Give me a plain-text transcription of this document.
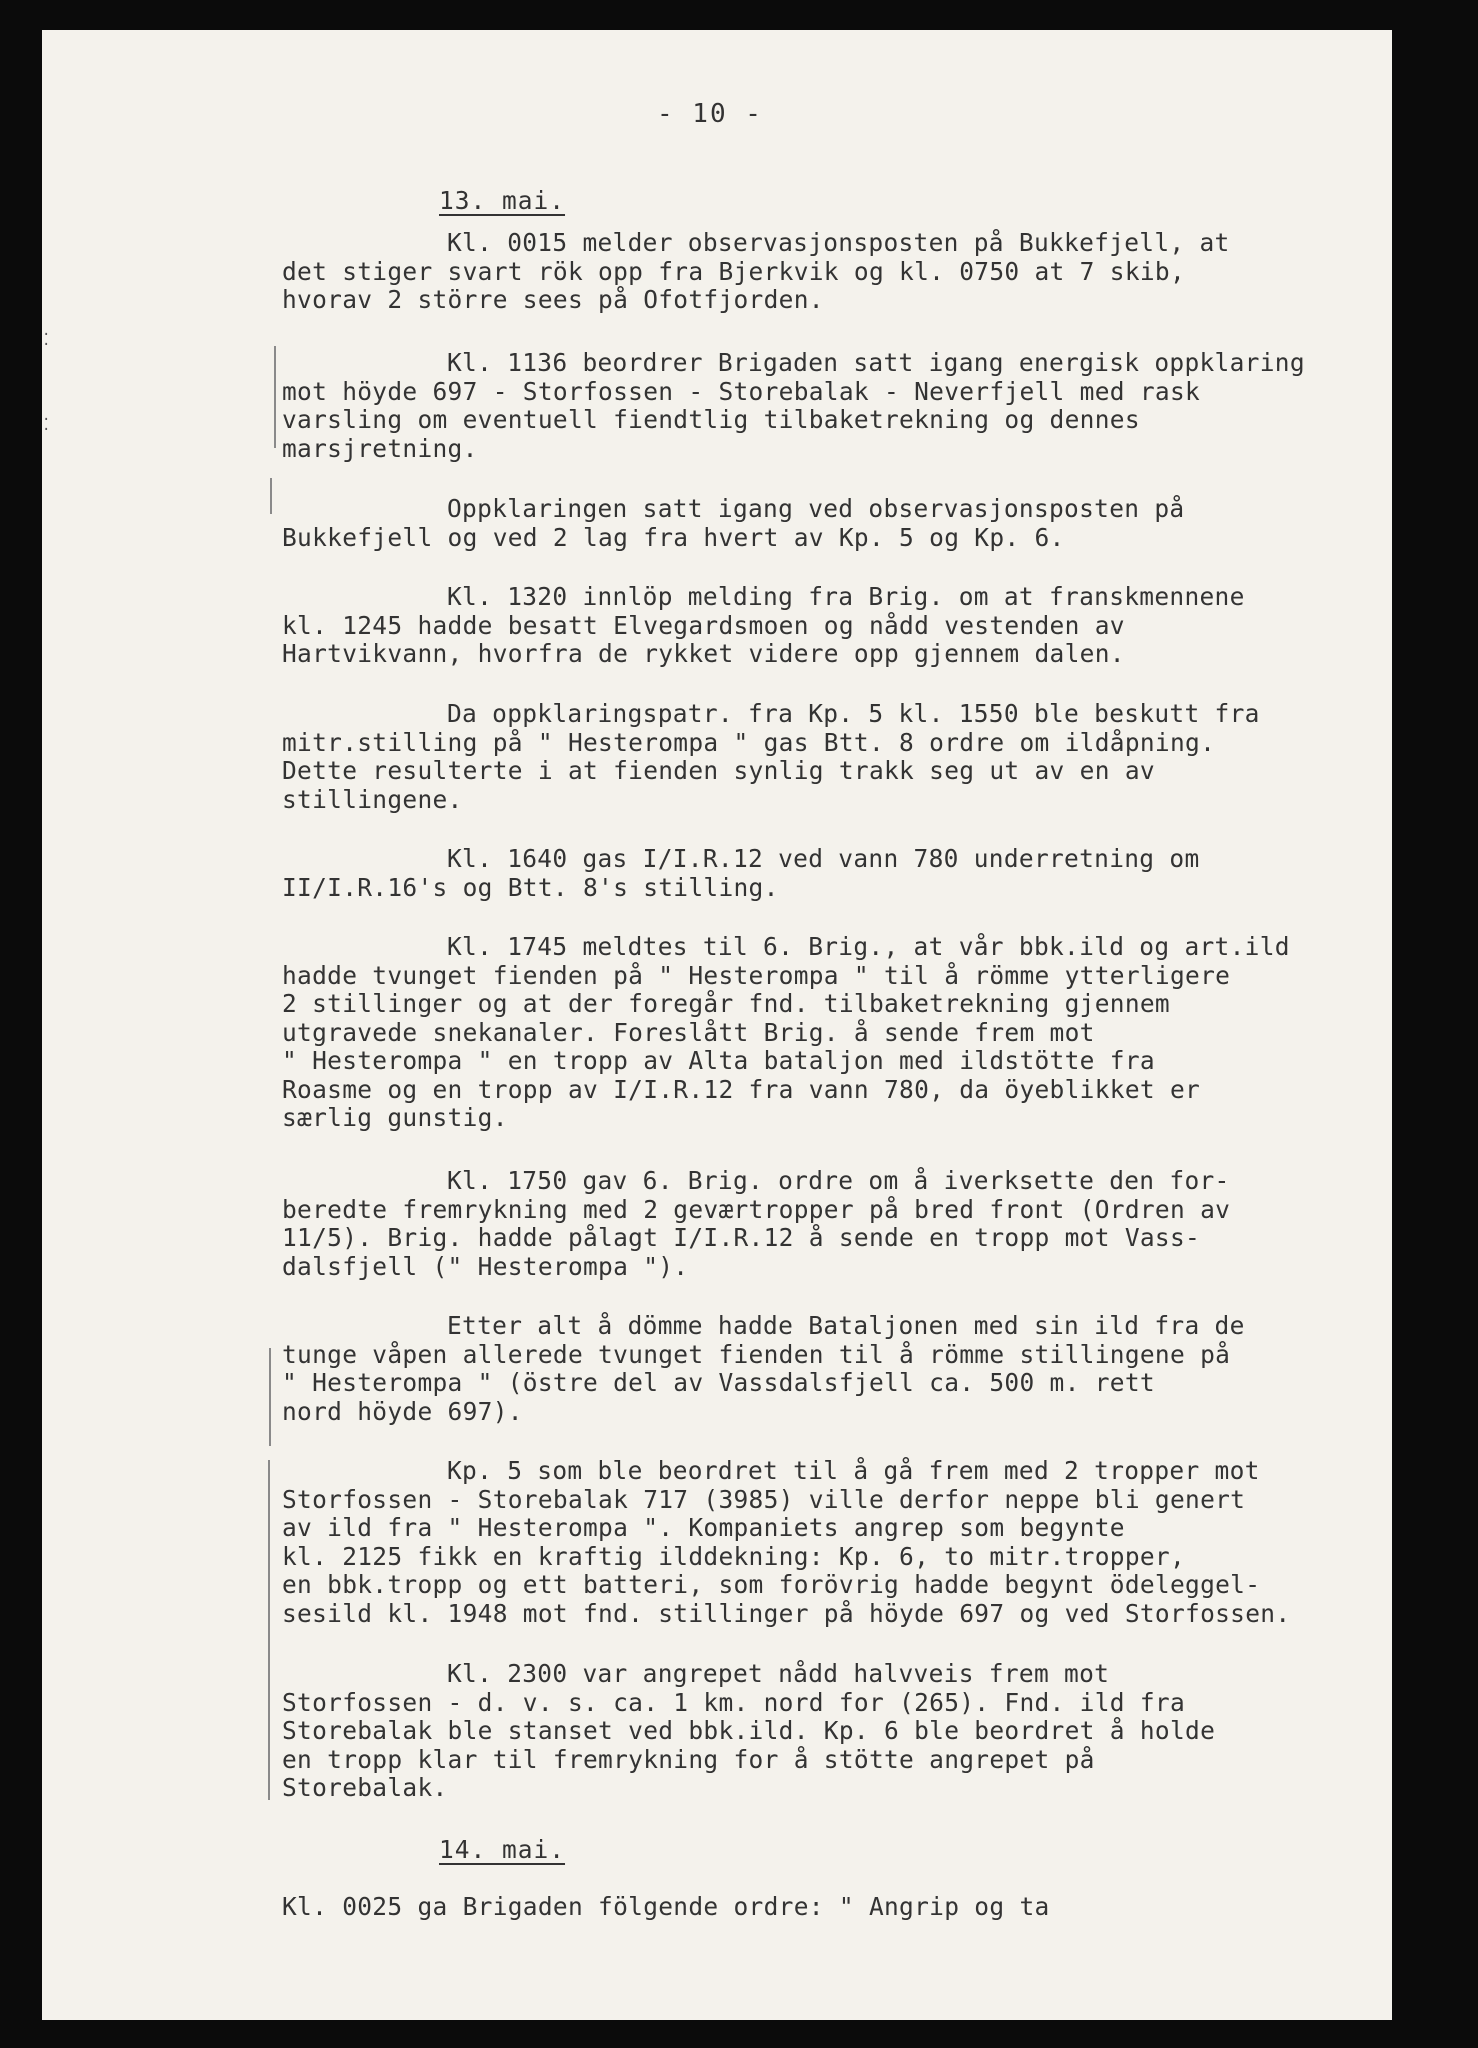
- 10 -
13. mai.
· ·
· ·
Kl. 0015 melder observasjonsposten på Bukkefjell, at
det stiger svart rök opp fra Bjerkvik og kl. 0750 at 7 skib,
hvorav 2 större sees på Ofotfjorden.
Kl. 1136 beordrer Brigaden satt igang energisk oppklaring
mot höyde 697 - Storfossen - Storebalak - Neverfjell med rask
varsling om eventuell fiendtlig tilbaketrekning og dennes
marsjretning.
Oppklaringen satt igang ved observasjonsposten på
Bukkefjell og ved 2 lag fra hvert av Kp. 5 og Kp. 6.
Kl. 1320 innlöp melding fra Brig. om at franskmennene
kl. 1245 hadde besatt Elvegardsmoen og nådd vestenden av
Hartvikvann, hvorfra de rykket videre opp gjennem dalen.
Da oppklaringspatr. fra Kp. 5 kl. 1550 ble beskutt fra
mitr.stilling på " Hesterompa " gas Btt. 8 ordre om ildåpning.
Dette resulterte i at fienden synlig trakk seg ut av en av
stillingene.
Kl. 1640 gas I/I.R.12 ved vann 780 underretning om
II/I.R.16's og Btt. 8's stilling.
Kl. 1745 meldtes til 6. Brig., at vår bbk.ild og art.ild
hadde tvunget fienden på " Hesterompa " til å römme ytterligere
2 stillinger og at der foregår fnd. tilbaketrekning gjennem
utgravede snekanaler. Foreslått Brig. å sende frem mot
" Hesterompa " en tropp av Alta bataljon med ildstötte fra
Roasme og en tropp av I/I.R.12 fra vann 780, da öyeblikket er
særlig gunstig.
Kl. 1750 gav 6. Brig. ordre om å iverksette den for-
beredte fremrykning med 2 geværtropper på bred front (Ordren av
11/5). Brig. hadde pålagt I/I.R.12 å sende en tropp mot Vass-
dalsfjell (" Hesterompa ").
Etter alt å dömme hadde Bataljonen med sin ild fra de
tunge våpen allerede tvunget fienden til å römme stillingene på
" Hesterompa " (östre del av Vassdalsfjell ca. 500 m. rett
nord höyde 697).
Kp. 5 som ble beordret til å gå frem med 2 tropper mot
Storfossen - Storebalak 717 (3985) ville derfor neppe bli genert
av ild fra " Hesterompa ". Kompaniets angrep som begynte
kl. 2125 fikk en kraftig ilddekning: Kp. 6, to mitr.tropper,
en bbk.tropp og ett batteri, som forövrig hadde begynt ödeleggel-
sesild kl. 1948 mot fnd. stillinger på höyde 697 og ved Storfossen.
Kl. 2300 var angrepet nådd halvveis frem mot
Storfossen - d. v. s. ca. 1 km. nord for (265). Fnd. ild fra
Storebalak ble stanset ved bbk.ild. Kp. 6 ble beordret å holde
en tropp klar til fremrykning for å stötte angrepet på
Storebalak.
14. mai.
Kl. 0025 ga Brigaden fölgende ordre: " Angrip og ta
